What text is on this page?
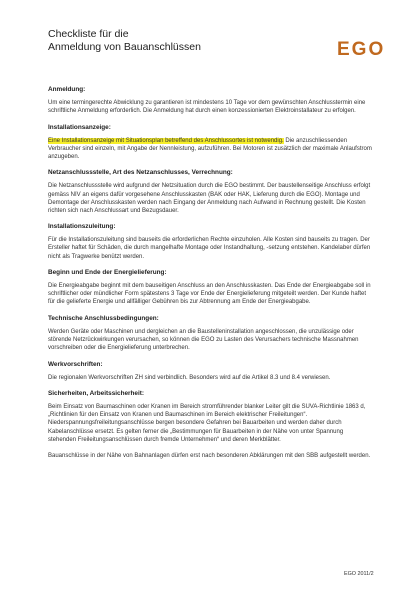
Checkliste für die
Anmeldung von Bauanschlüssen	EGO
Anmeldung:
Um eine termingerechte Abwicklung zu garantieren ist mindestens 10 Tage vor dem gewünschten Anschlusstermin eine schriftliche Anmeldung erforderlich. Die Anmeldung hat durch einen konzessionierten Elektroinstallateur zu erfolgen.
Installationsanzeige:
Eine Installationsanzeige mit Situationsplan betreffend des Anschlussortes ist notwendig. Die anzuschliessenden Verbraucher sind einzeln, mit Angabe der Nennleistung, aufzuführen. Bei Motoren ist zusätzlich der maximale Anlaufstrom anzugeben.
Netzanschlussstelle, Art des Netzanschlusses, Verrechnung:
Die Netzanschlussstelle wird aufgrund der Netzsituation durch die EGO bestimmt. Der baustellenseitige Anschluss erfolgt gemäss NIV an eigens dafür vorgesehene Anschlusskasten (BAK oder HAK, Lieferung durch die EGO). Montage und Demontage der Anschlusskasten werden nach Eingang der Anmeldung nach Aufwand in Rechnung gestellt. Die Kosten richten sich nach Anschlussart und Bezugsdauer.
Installationszuleitung:
Für die Installationszuleitung sind bauseits die erforderlichen Rechte einzuholen. Alle Kosten sind bauseits zu tragen. Der Ersteller haftet für Schäden, die durch mangelhafte Montage oder Instandhaltung, -setzung entstehen. Kandelaber dürfen nicht als Tragwerke benützt werden.
Beginn und Ende der Energielieferung:
Die Energieabgabe beginnt mit dem bauseitigen Anschluss an den Anschlusskasten. Das Ende der Energieabgabe soll in schriftlicher oder mündlicher Form spätestens 3 Tage vor Ende der Energielieferung mitgeteilt werden. Der Kunde haftet für die gelieferte Energie und allfälliger Gebühren bis zur Abtrennung am Ende der Energieabgabe.
Technische Anschlussbedingungen:
Werden Geräte oder Maschinen und dergleichen an die Baustelleninstallation angeschlossen, die unzulässige oder störende Netzrückwirkungen verursachen, so können die EGO zu Lasten des Verursachers technische Massnahmen vorschreiben oder die Energielieferung unterbrechen.
Werkvorschriften:
Die regionalen Werkvorschriften ZH sind verbindlich. Besonders wird auf die Artikel 8.3 und 8.4 verwiesen.
Sicherheiten, Arbeitssicherheit:
Beim Einsatz von Baumaschinen oder Kranen im Bereich stromführender blanker Leiter gilt die SUVA-Richtlinie 1863 d, „Richtlinien für den Einsatz von Kranen und Baumaschinen im Bereich elektrischer Freileitungen“. Niederspannungsfreileitungsanschlüsse bergen besondere Gefahren bei Bauarbeiten und werden daher durch Kabelanschlüsse ersetzt. Es gelten ferner die „Bestimmungen für Bauarbeiten in der Nähe von unter Spannung stehenden Freileitungsanschlüssen durch fremde Unternehmen“ und deren Merkblätter.
Bauanschlüsse in der Nähe von Bahnanlagen dürfen erst nach besonderen Abklärungen mit den SBB aufgestellt werden.
EGO 2011/2
